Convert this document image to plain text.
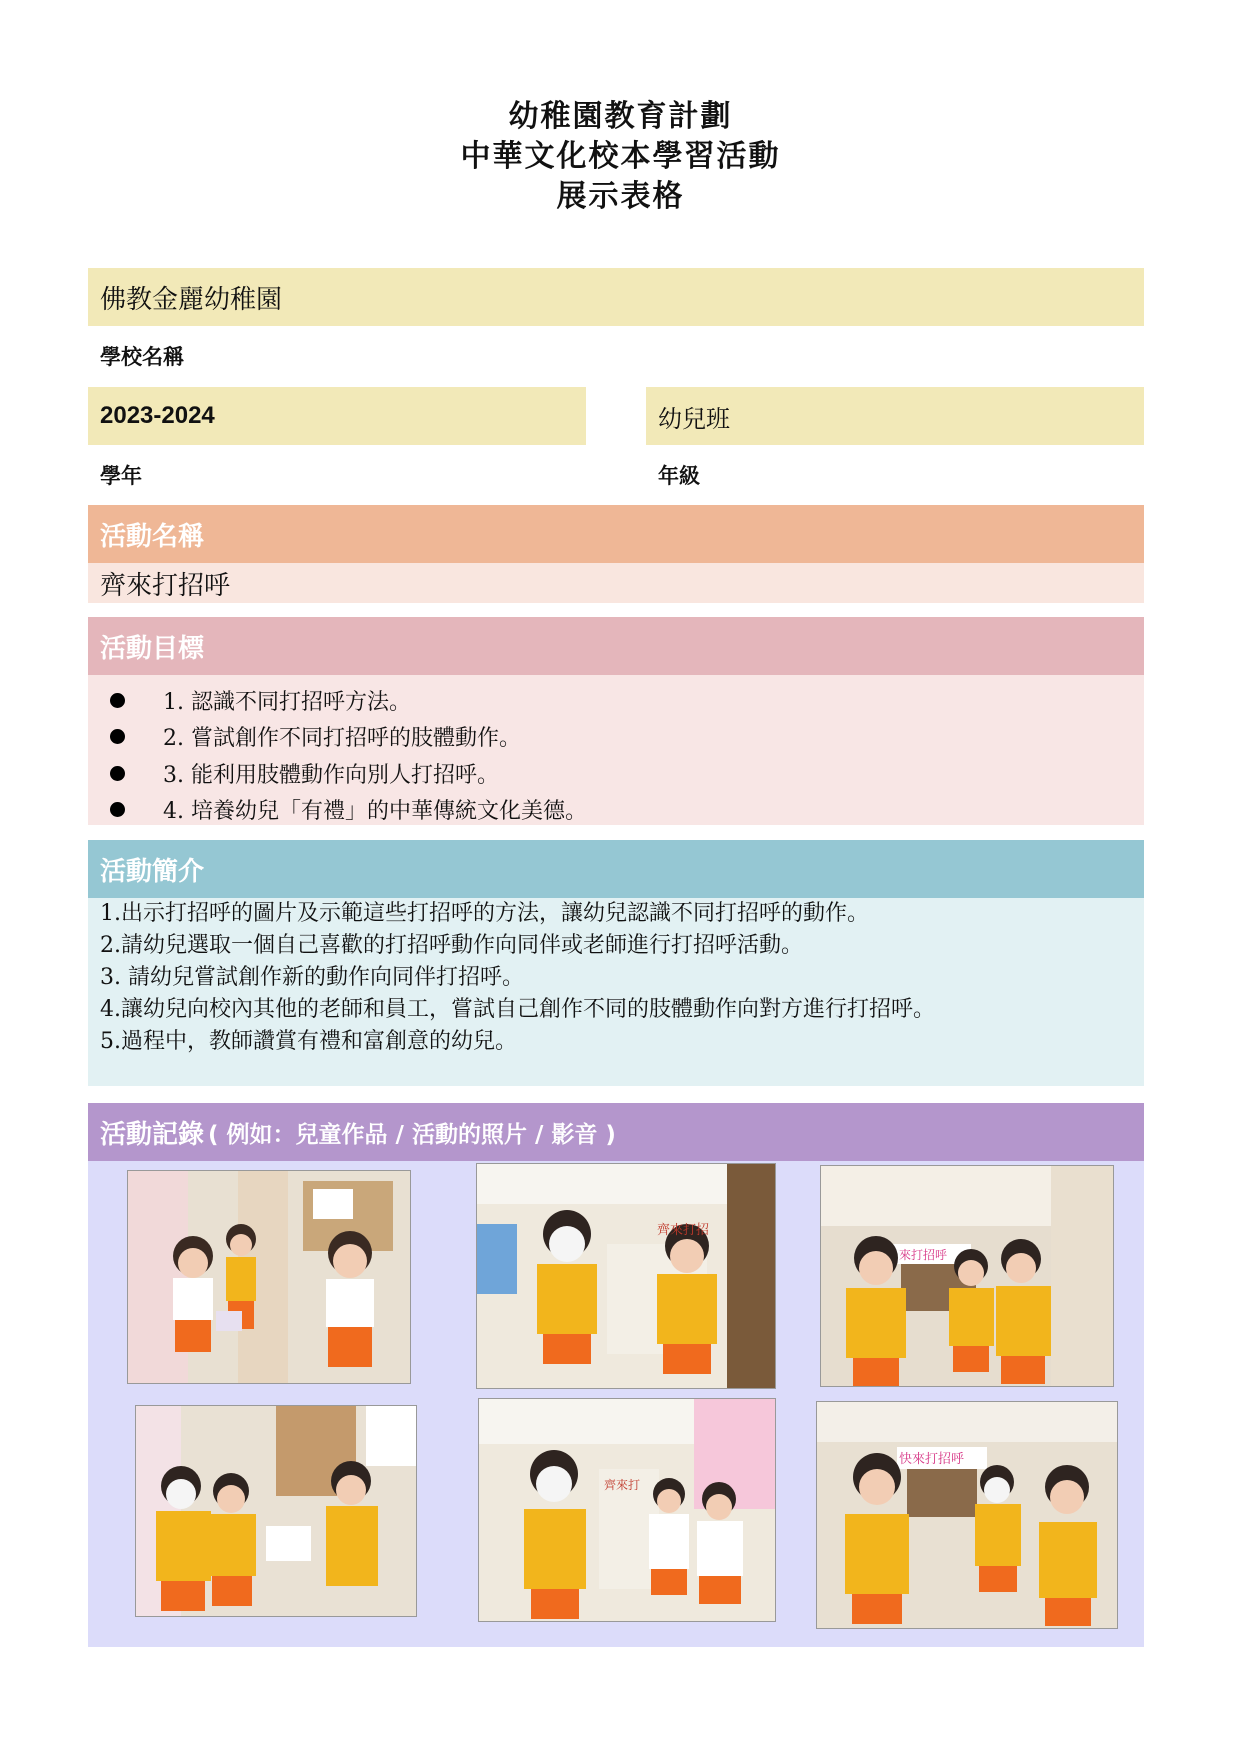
幼稚園教育計劃
中華文化校本學習活動
展示表格
佛教金麗幼稚園
學校名稱
2023-2024
學年
幼兒班
年級
活動名稱
齊來打招呼
活動目標
1. 認識不同打招呼方法。
2. 嘗試創作不同打招呼的肢體動作。
3. 能利用肢體動作向別人打招呼。
4. 培養幼兒「有禮」的中華傳統文化美德。
活動簡介
1.出示打招呼的圖片及示範這些打招呼的方法，讓幼兒認識不同打招呼的動作。
2.請幼兒選取一個自己喜歡的打招呼動作向同伴或老師進行打招呼活動。
3. 請幼兒嘗試創作新的動作向同伴打招呼。
4.讓幼兒向校內其他的老師和員工，嘗試自己創作不同的肢體動作向對方進行打招呼。
5.過程中，教師讚賞有禮和富創意的幼兒。
活動記錄 ( 例如：兒童作品 / 活動的照片 / 影音 )
齊來打招
來打招呼
齊來打
快來打招呼
